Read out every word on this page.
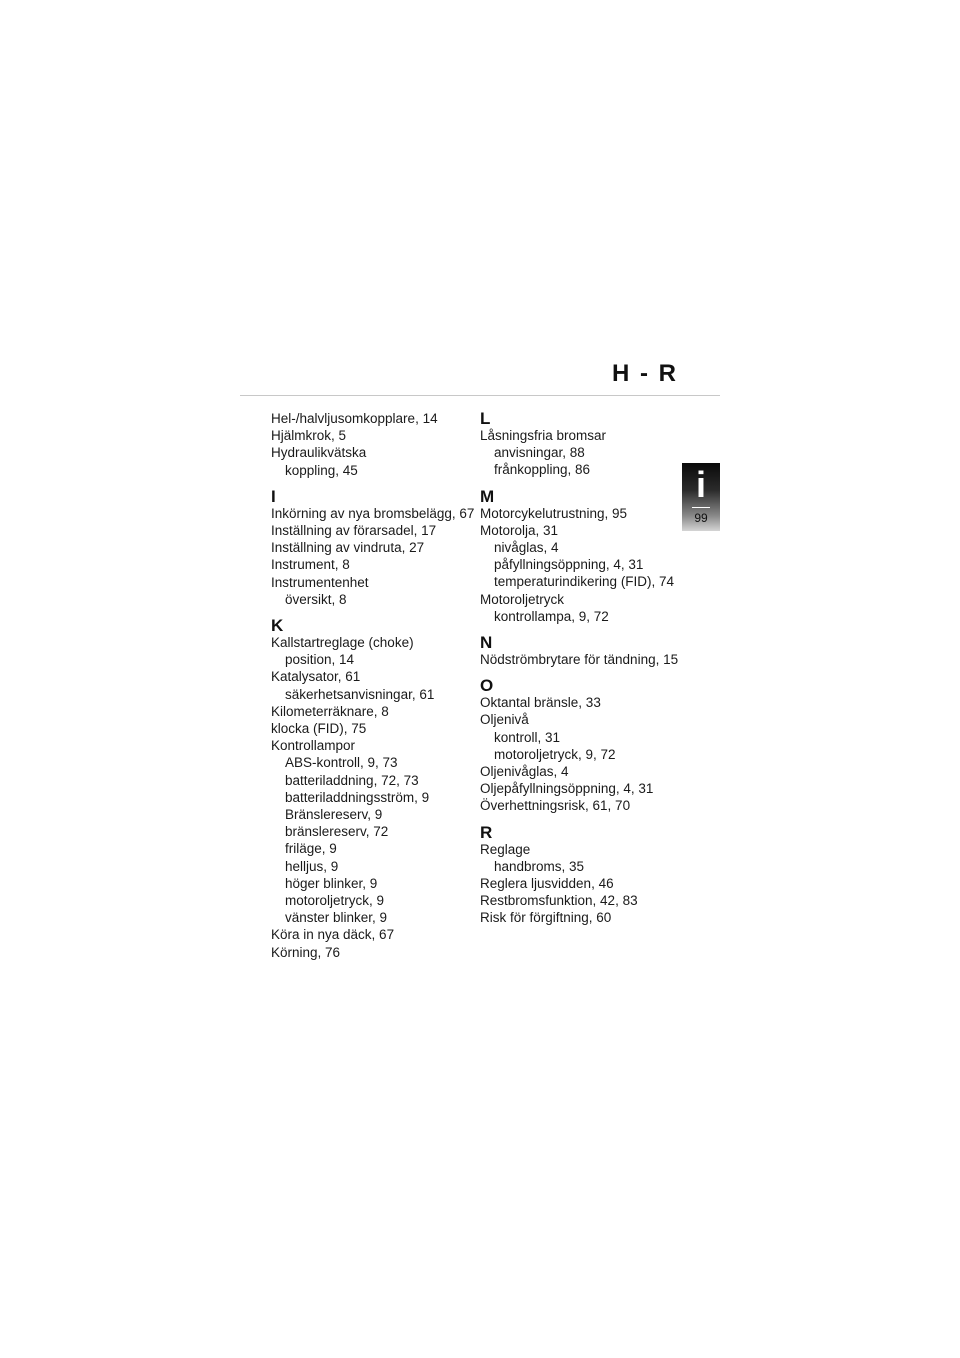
H - R
i
99
Hel-/halvljusomkopplare, 14
Hjälmkrok, 5
Hydraulikvätska
koppling, 45
I
Inkörning av nya bromsbelägg, 67
Inställning av förarsadel, 17
Inställning av vindruta, 27
Instrument, 8
Instrumentenhet
översikt, 8
K
Kallstartreglage (choke)
position, 14
Katalysator, 61
säkerhetsanvisningar, 61
Kilometerräknare, 8
klocka (FID), 75
Kontrollampor
ABS-kontroll, 9, 73
batteriladdning, 72, 73
batteriladdningsström, 9
Bränslereserv, 9
bränslereserv, 72
friläge, 9
helljus, 9
höger blinker, 9
motoroljetryck, 9
vänster blinker, 9
Köra in nya däck, 67
Körning, 76
L
Låsningsfria bromsar
anvisningar, 88
frånkoppling, 86
M
Motorcykelutrustning, 95
Motorolja, 31
nivåglas, 4
påfyllningsöppning, 4, 31
temperaturindikering (FID), 74
Motoroljetryck
kontrollampa, 9, 72
N
Nödströmbrytare för tändning, 15
O
Oktantal bränsle, 33
Oljenivå
kontroll, 31
motoroljetryck, 9, 72
Oljenivåglas, 4
Oljepåfyllningsöppning, 4, 31
Överhettningsrisk, 61, 70
R
Reglage
handbroms, 35
Reglera ljusvidden, 46
Restbromsfunktion, 42, 83
Risk för förgiftning, 60
